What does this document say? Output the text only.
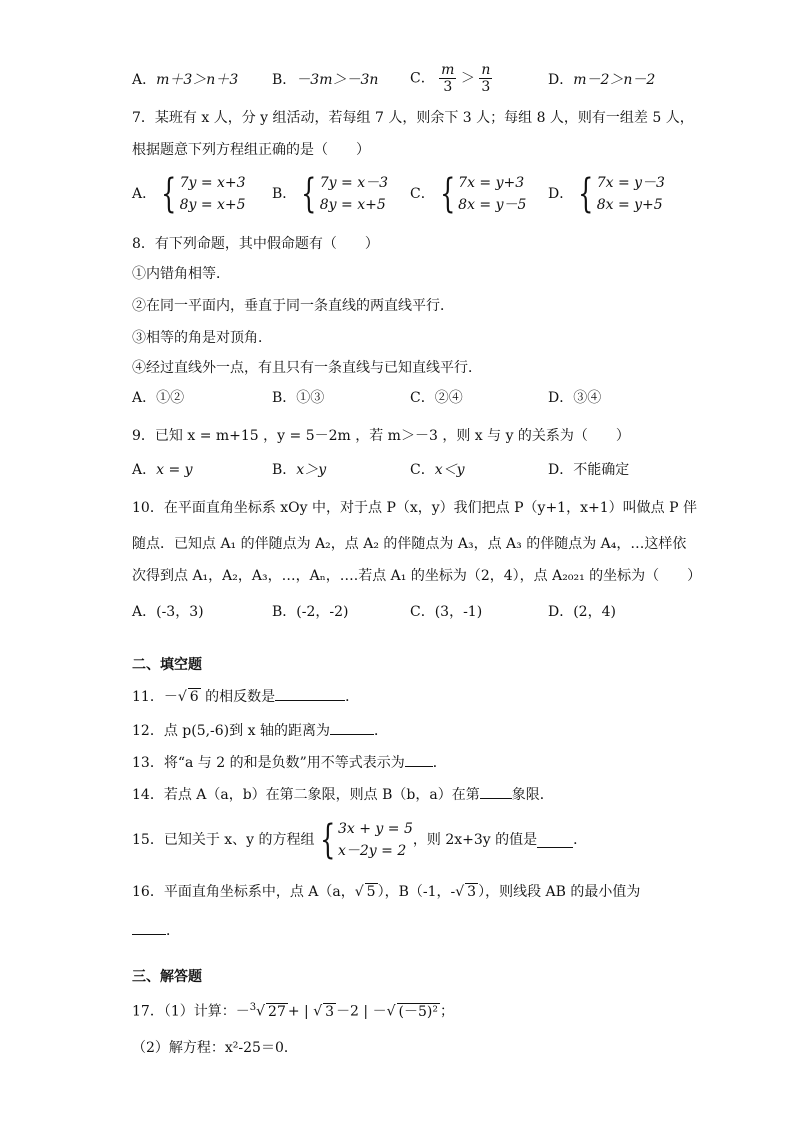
A．m＋3＞n＋3 B．－3m＞－3n C． $\frac{m}{3} > \frac{n}{3}$	D．m－2＞n－2
7．某班有 x 人，分 y 组活动，若每组 7 人，则余下 3 人；每组 8 人，则有一组差 5 人，
根据题意下列方程组正确的是（　　）
A． { 7y = x+3
8y = x+5
B． { 7y = x－3
8y = x+5
C． { 7x = y+3
8x = y－5
D． { 7x = y－3
8x = y+5
8．有下列命题，其中假命题有（　　）
①内错角相等．
②在同一平面内，垂直于同一条直线的两直线平行．
③相等的角是对顶角．
④经过直线外一点，有且只有一条直线与已知直线平行．
A．①②	B．①③	C．②④	D．③④
9．已知 x = m+15 ，y = 5－2m ，若 m＞－3 ，则 x 与 y 的关系为（　　）
A．x = y	B．x＞y	C．x＜y	D．不能确定
10．在平面直角坐标系 xOy 中，对于点 P（x，y）我们把点 P（y+1，x+1）叫做点 P 伴
随点．已知点 A₁ 的伴随点为 A₂，点 A₂ 的伴随点为 A₃，点 A₃ 的伴随点为 A₄，…这样依
次得到点 A₁，A₂，A₃，…，Aₙ，….若点 A₁ 的坐标为（2，4），点 A₂₀₂₁ 的坐标为（　　）
A．(-3，3)	B．(-2，-2)	C．(3，-1)	D．(2，4)
二、填空题
11．－√ 6 的相反数是	．
12．点 p(5,-6)到 x 轴的距离为	．
13．将“a 与 2 的和是负数”用不等式表示为 ．
14．若点 A（a，b）在第二象限，则点 B（b，a）在第 象限．
15．已知关于 x、y 的方程组 { 3x + y = 5
x－2y = 2
，则 2x+3y 的值是	．
16．平面直角坐标系中，点 A（a，√ 5 ），B（-1，-√ 3 ），则线段 AB 的最小值为
．
三、解答题
17．（1）计算：－$^3$√ 27 + | √ 3 －2 | －√ (－5)² ；
（2）解方程：x²-25＝0．
